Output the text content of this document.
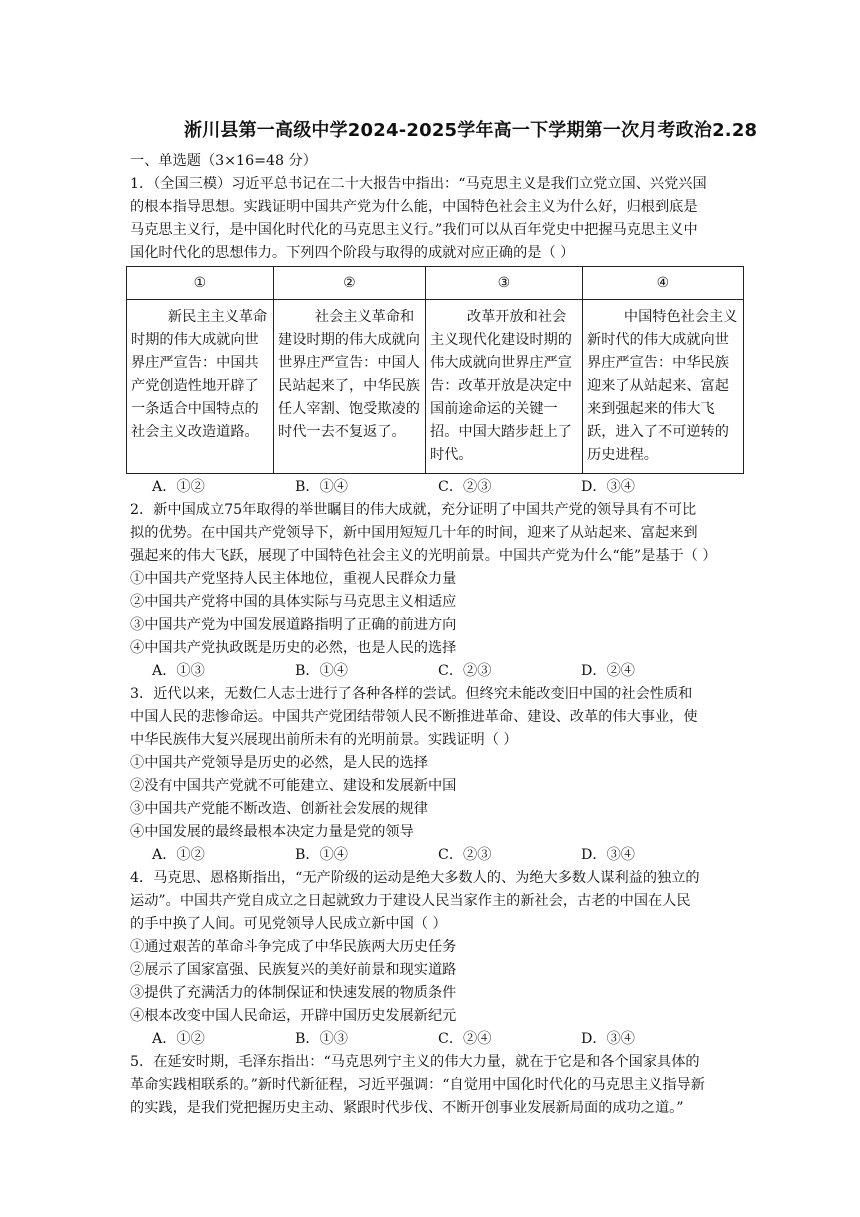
淅川县第一高级中学2024-2025学年高一下学期第一次月考政治2.28
一、单选题（3×16=48 分）
1．（全国三模）习近平总书记在二十大报告中指出：“马克思主义是我们立党立国、兴党兴国
的根本指导思想。实践证明中国共产党为什么能，中国特色社会主义为什么好，归根到底是
马克思主义行，是中国化时代化的马克思主义行。”我们可以从百年党史中把握马克思主义中
国化时代化的思想伟力。下列四个阶段与取得的成就对应正确的是（ ）
①	②	③	④

新民主主义革命时期的伟大成就向世界庄严宣告：中国共产党创造性地开辟了一条适合中国特点的社会主义改造道路。	社会主义革命和建设时期的伟大成就向世界庄严宣告：中国人民站起来了，中华民族任人宰割、饱受欺凌的时代一去不复返了。	改革开放和社会主义现代化建设时期的伟大成就向世界庄严宣告：改革开放是决定中国前途命运的关键一招。中国大踏步赶上了时代。	中国特色社会主义新时代的伟大成就向世界庄严宣告：中华民族迎来了从站起来、富起来到强起来的伟大飞跃，进入了不可逆转的历史进程。
A．①②	B．①④	C．②③	D．③④
2．新中国成立75年取得的举世瞩目的伟大成就，充分证明了中国共产党的领导具有不可比
拟的优势。在中国共产党领导下，新中国用短短几十年的时间，迎来了从站起来、富起来到
强起来的伟大飞跃，展现了中国特色社会主义的光明前景。中国共产党为什么“能”是基于（ ）
①中国共产党坚持人民主体地位，重视人民群众力量
②中国共产党将中国的具体实际与马克思主义相适应
③中国共产党为中国发展道路指明了正确的前进方向
④中国共产党执政既是历史的必然，也是人民的选择
A．①③	B．①④	C．②③	D．②④
3．近代以来，无数仁人志士进行了各种各样的尝试。但终究未能改变旧中国的社会性质和
中国人民的悲惨命运。中国共产党团结带领人民不断推进革命、建设、改革的伟大事业，使
中华民族伟大复兴展现出前所未有的光明前景。实践证明（ ）
①中国共产党领导是历史的必然，是人民的选择
②没有中国共产党就不可能建立、建设和发展新中国
③中国共产党能不断改造、创新社会发展的规律
④中国发展的最终最根本决定力量是党的领导
A．①②	B．①④	C．②③	D．③④
4．马克思、恩格斯指出，“无产阶级的运动是绝大多数人的、为绝大多数人谋利益的独立的
运动”。中国共产党自成立之日起就致力于建设人民当家作主的新社会，古老的中国在人民
的手中换了人间。可见党领导人民成立新中国（ ）
①通过艰苦的革命斗争完成了中华民族两大历史任务
②展示了国家富强、民族复兴的美好前景和现实道路
③提供了充满活力的体制保证和快速发展的物质条件
④根本改变中国人民命运，开辟中国历史发展新纪元
A．①②	B．①③	C．②④	D．③④
5．在延安时期，毛泽东指出：“马克思列宁主义的伟大力量，就在于它是和各个国家具体的
革命实践相联系的。”新时代新征程，习近平强调：“自觉用中国化时代化的马克思主义指导新
的实践，是我们党把握历史主动、紧跟时代步伐、不断开创事业发展新局面的成功之道。”
